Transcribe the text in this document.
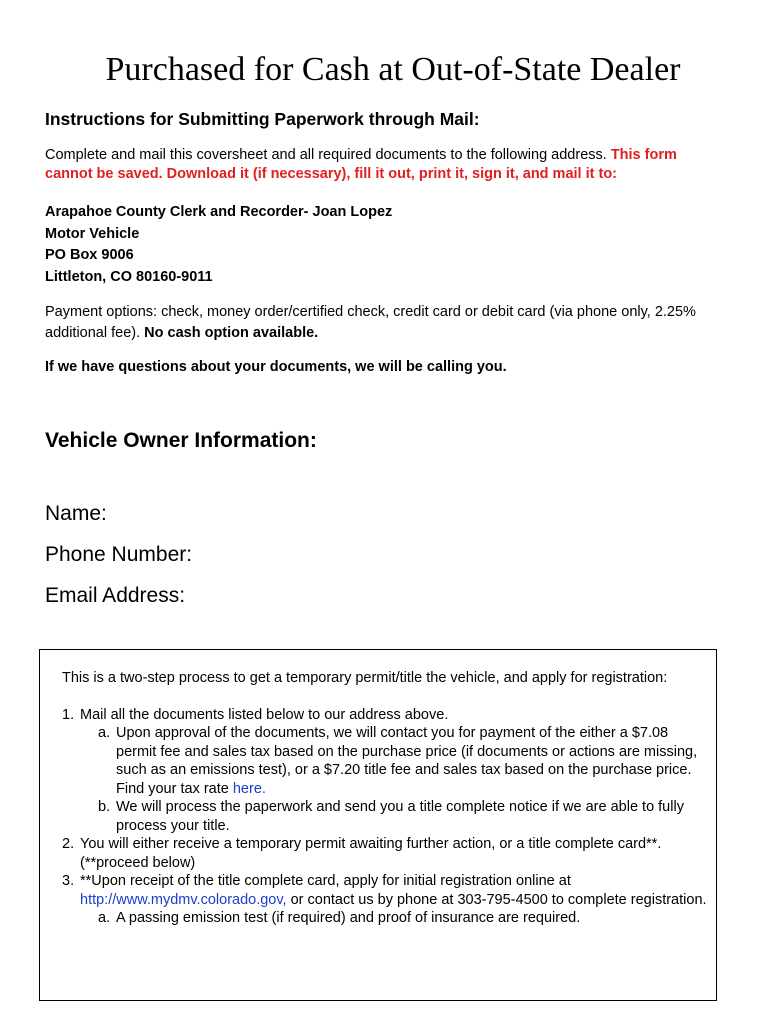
Purchased for Cash at Out-of-State Dealer
Instructions for Submitting Paperwork through Mail:
Complete and mail this coversheet and all required documents to the following address. This form cannot be saved. Download it (if necessary), fill it out, print it, sign it, and mail it to:
Arapahoe County Clerk and Recorder- Joan Lopez
Motor Vehicle
PO Box 9006
Littleton, CO 80160-9011
Payment options: check, money order/certified check, credit card or debit card (via phone only, 2.25% additional fee). No cash option available.
If we have questions about your documents, we will be calling you.
Vehicle Owner Information:
Name:
Phone Number:
Email Address:

This is a two-step process to get a temporary permit/title the vehicle, and apply for registration:

1. Mail all the documents listed below to our address above.
a. Upon approval of the documents, we will contact you for payment of the either a $7.08 permit fee and sales tax based on the purchase price (if documents or actions are missing, such as an emissions test), or a $7.20 title fee and sales tax based on the purchase price. Find your tax rate here.
b. We will process the paperwork and send you a title complete notice if we are able to fully process your title.
2. You will either receive a temporary permit awaiting further action, or a title complete card**. (**proceed below)
3. **Upon receipt of the title complete card, apply for initial registration online at http://www.mydmv.colorado.gov, or contact us by phone at 303-795-4500 to complete registration.
a. A passing emission test (if required) and proof of insurance are required.
